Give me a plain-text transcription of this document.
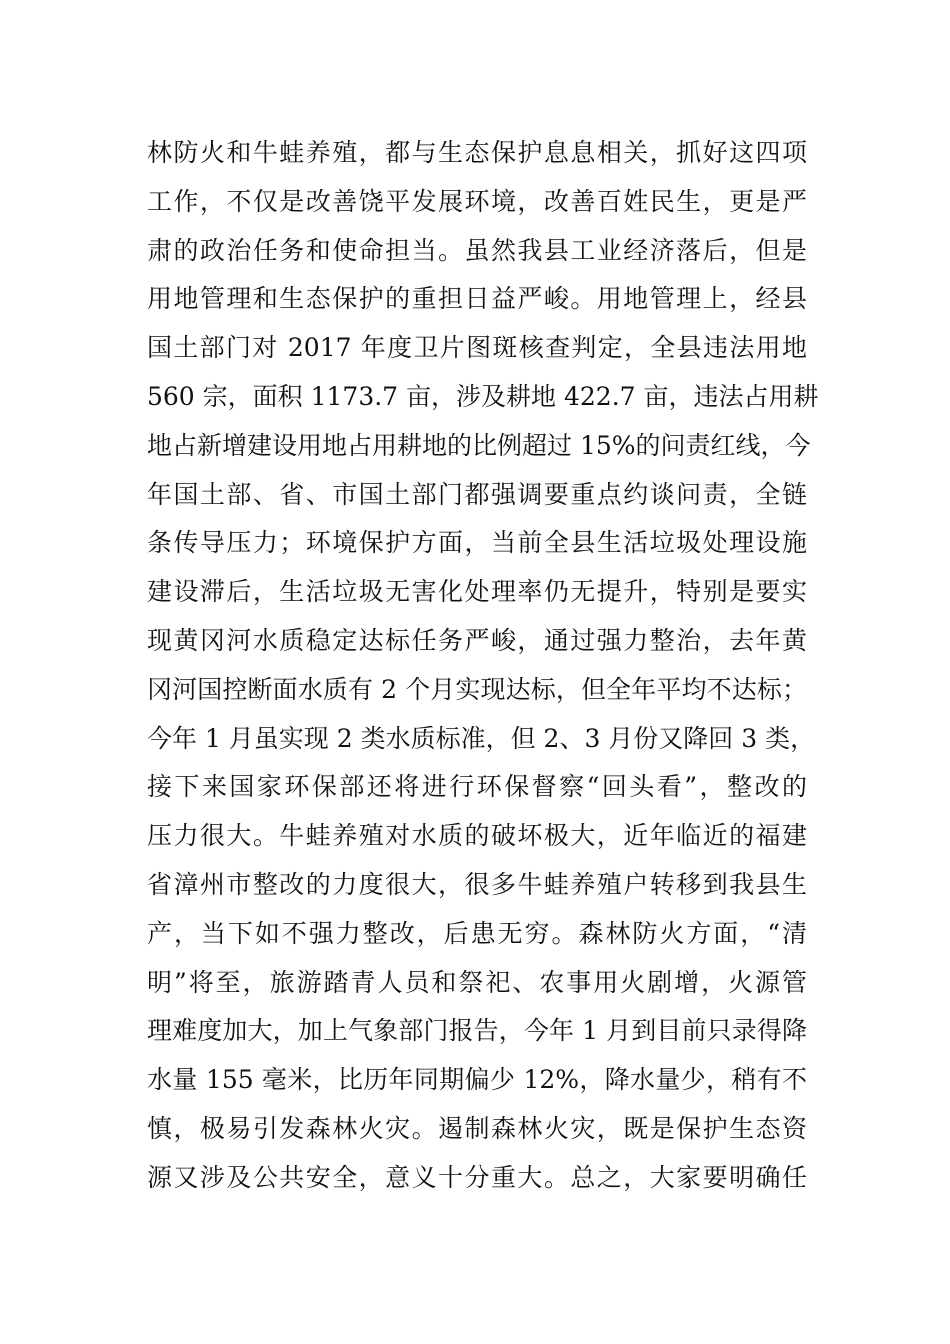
林防火和牛蛙养殖，都与生态保护息息相关，抓好这四项
工作，不仅是改善饶平发展环境，改善百姓民生，更是严
肃的政治任务和使命担当。虽然我县工业经济落后，但是
用地管理和生态保护的重担日益严峻。用地管理上，经县
国土部门对 2017 年度卫片图斑核查判定，全县违法用地
560 宗，面积 1173.7 亩，涉及耕地 422.7 亩，违法占用耕
地占新增建设用地占用耕地的比例超过 15%的问责红线，今
年国土部、省、市国土部门都强调要重点约谈问责，全链
条传导压力；环境保护方面，当前全县生活垃圾处理设施
建设滞后，生活垃圾无害化处理率仍无提升，特别是要实
现黄冈河水质稳定达标任务严峻，通过强力整治，去年黄
冈河国控断面水质有 2 个月实现达标，但全年平均不达标；
今年 1 月虽实现 2 类水质标准，但 2、3 月份又降回 3 类，
接下来国家环保部还将进行环保督察“回头看”，整改的
压力很大。牛蛙养殖对水质的破坏极大，近年临近的福建
省漳州市整改的力度很大，很多牛蛙养殖户转移到我县生
产，当下如不强力整改，后患无穷。森林防火方面，“清
明”将至，旅游踏青人员和祭祀、农事用火剧增，火源管
理难度加大，加上气象部门报告，今年 1 月到目前只录得降
水量 155 毫米，比历年同期偏少 12%，降水量少，稍有不
慎，极易引发森林火灾。遏制森林火灾，既是保护生态资
源又涉及公共安全，意义十分重大。总之，大家要明确任
